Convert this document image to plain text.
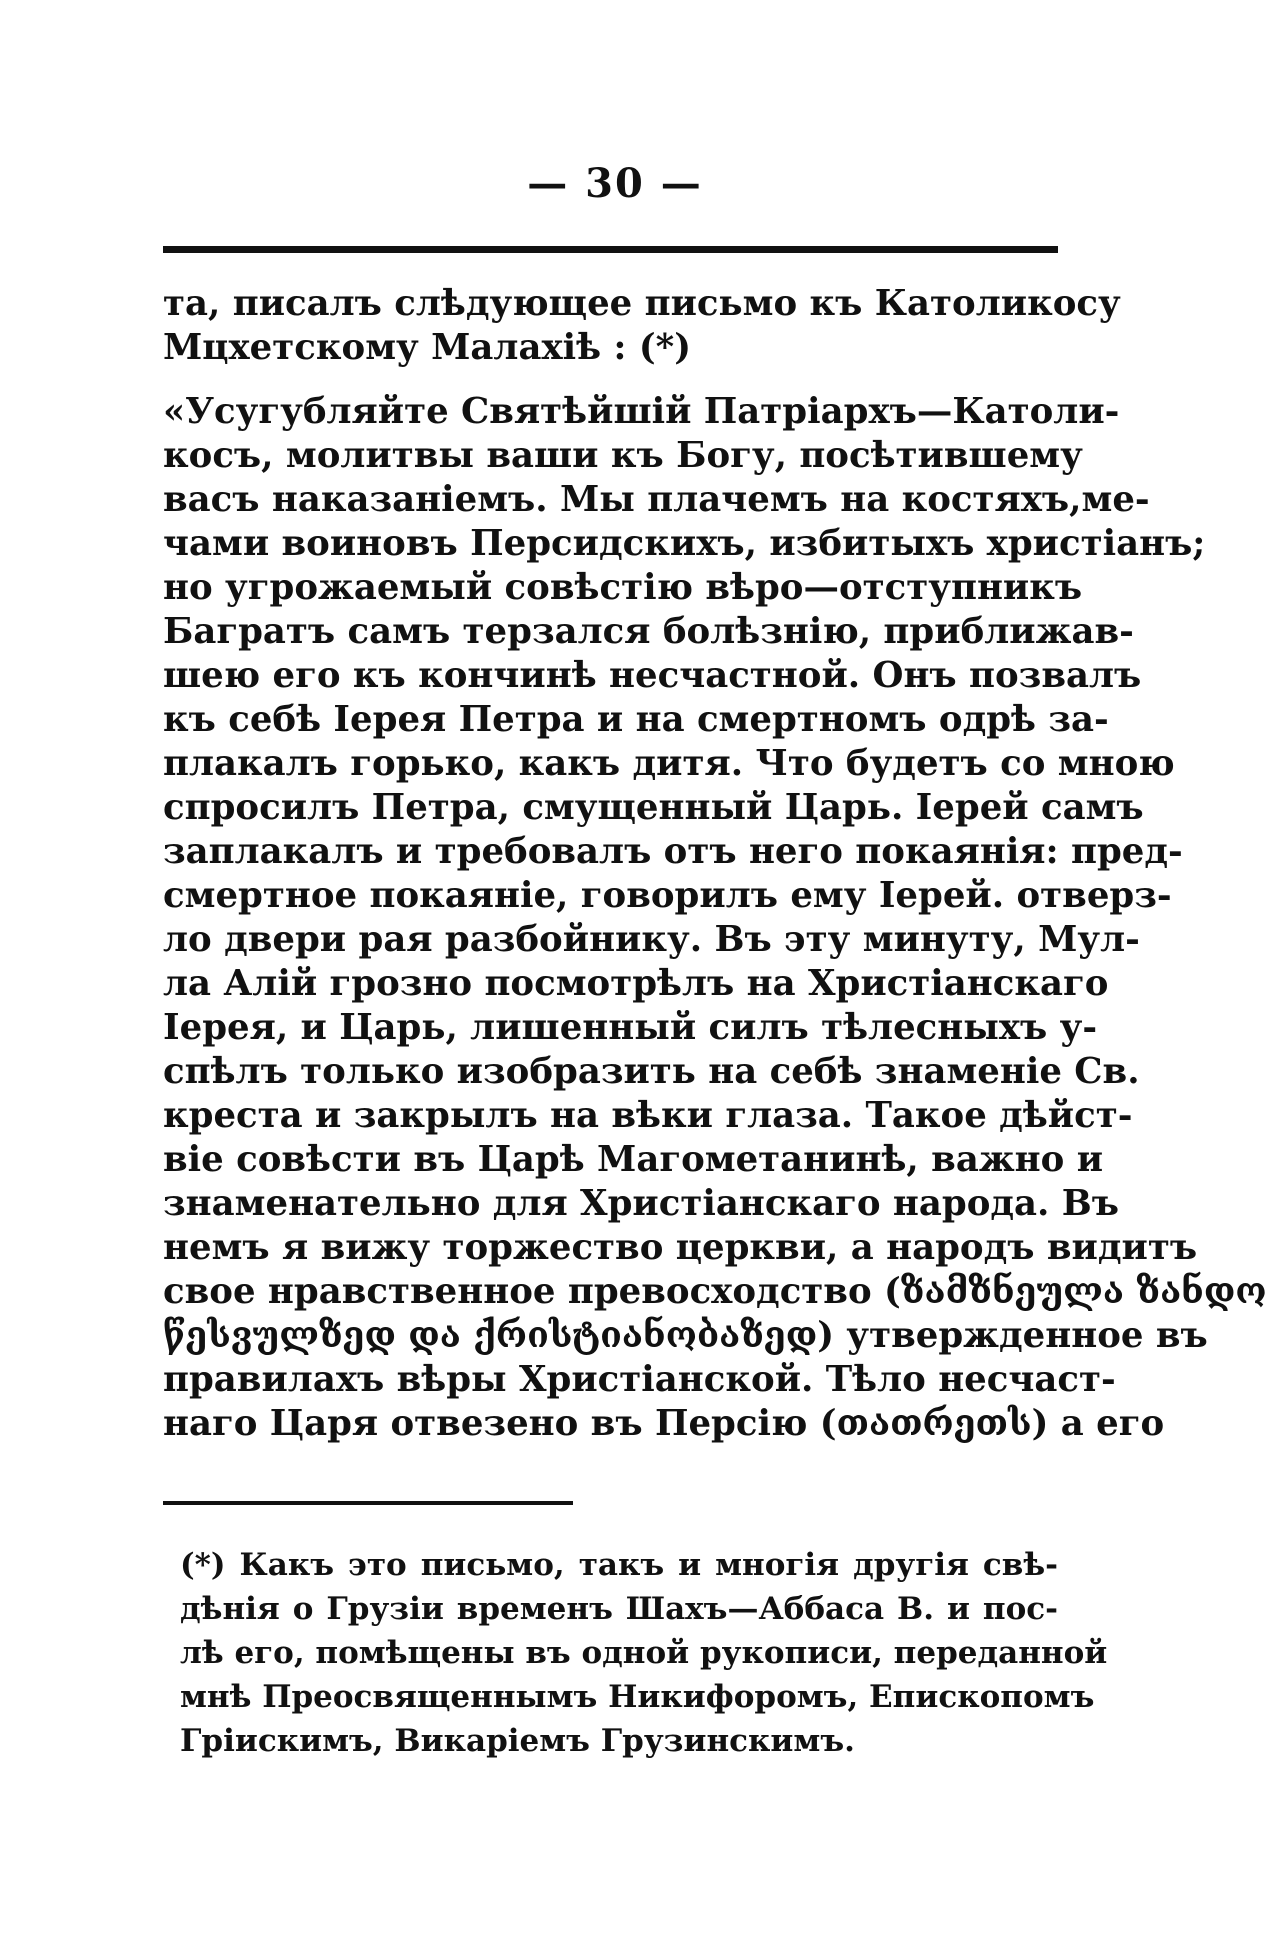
— 30 —
та, писалъ слѣдующее письмо къ Католикосу
Мцхетскому Малахіѣ : (*)
«Усугубляйте Святѣйшій Патріархъ—Католи-
косъ, молитвы ваши къ Богу, посѣтившему
васъ наказаніемъ. Мы плачемъ на костяхъ,ме-
чами воиновъ Персидскихъ, избитыхъ христіанъ;
но угрожаемый совѣстію вѣро—отступникъ
Багратъ самъ терзался болѣзнію, приближав-
шею его къ кончинѣ несчастной. Онъ позвалъ
къ себѣ Іерея Петра и на смертномъ одрѣ за-
плакалъ горько, какъ дитя. Что будетъ со мною
спросилъ Петра, смущенный Царь. Іерей самъ
заплакалъ и требовалъ отъ него покаянія: пред-
смертное покаяніе, говорилъ ему Іерей. отверз-
ло двери рая разбойнику. Въ эту минуту, Мул-
ла Алій грозно посмотрѣлъ на Христіанскаго
Іерея, и Царь, лишенный силъ тѣлесныхъ у-
спѣлъ только изобразить на себѣ знаменіе Св.
креста и закрылъ на вѣки глаза. Такое дѣйст-
віе совѣсти въ Царѣ Магометанинѣ, важно и
знаменательно для Христіанскаго народа. Въ
немъ я вижу торжество церкви, а народъ видитъ
свое нравственное превосходство (ზამზნეულა ზანდო
წესვულზედ და ქრისტიანობაზედ) утвержденное въ
правилахъ вѣры Христіанской. Тѣло несчаст-
наго Царя отвезено въ Персію (თათრეთს) а его
(*) Какъ это письмо, такъ и многія другія свѣ-
дѣнія о Грузіи временъ Шахъ—Аббаса В. и пос-
лѣ его, помѣщены въ одной рукописи, переданной
мнѣ Преосвященнымъ Никифоромъ, Епископомъ
Гріискимъ, Викаріемъ Грузинскимъ.
